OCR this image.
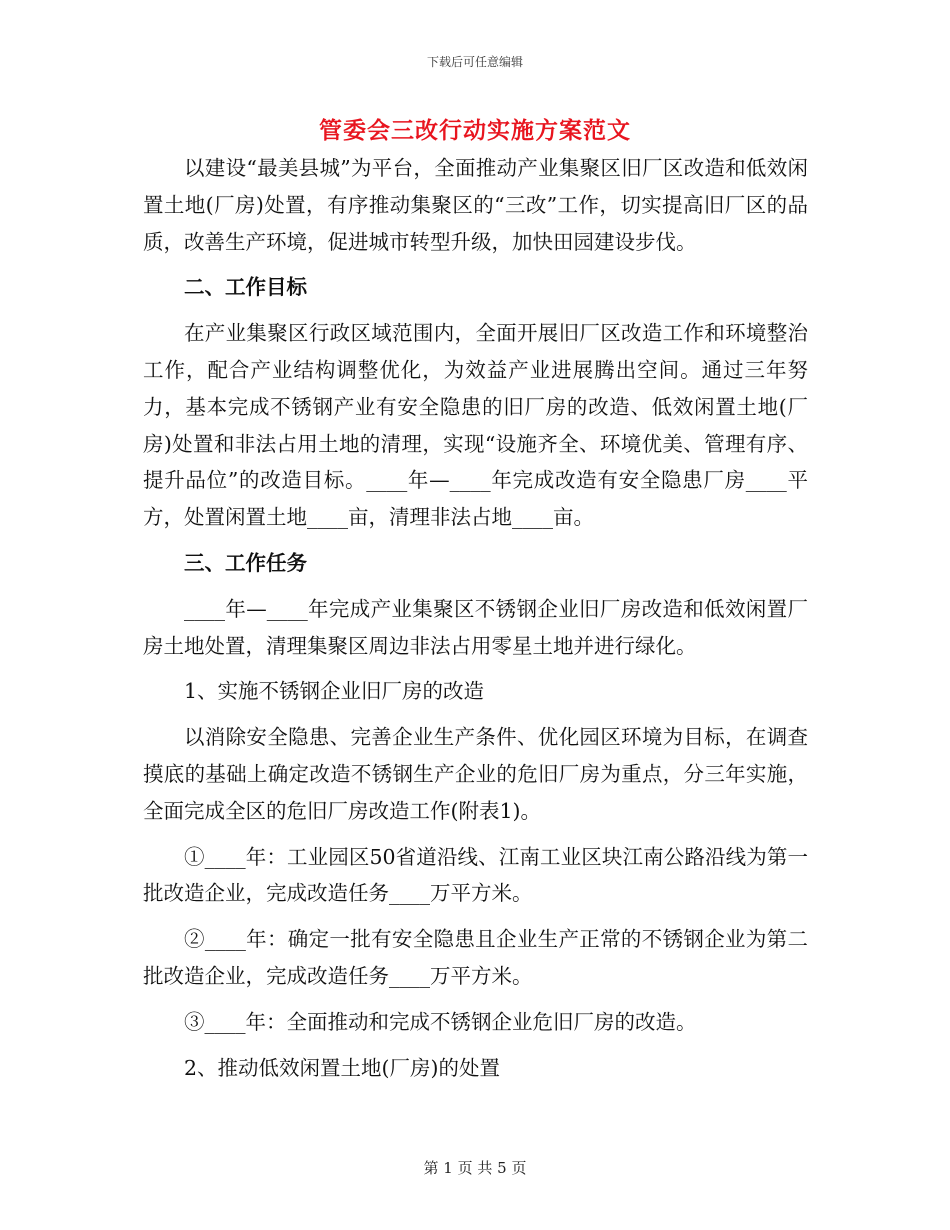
下载后可任意编辑
管委会三改行动实施方案范文

以建设“最美县城”为平台，全面推动产业集聚区旧厂区改造和低效闲置土地(厂房)处置，有序推动集聚区的“三改”工作，切实提高旧厂区的品质，改善生产环境，促进城市转型升级，加快田园建设步伐。

二、工作目标

在产业集聚区行政区域范围内，全面开展旧厂区改造工作和环境整治工作，配合产业结构调整优化，为效益产业进展腾出空间。通过三年努力，基本完成不锈钢产业有安全隐患的旧厂房的改造、低效闲置土地(厂房)处置和非法占用土地的清理，实现“设施齐全、环境优美、管理有序、提升品位”的改造目标。____年—____年完成改造有安全隐患厂房____平方，处置闲置土地____亩，清理非法占地____亩。

三、工作任务

____年—____年完成产业集聚区不锈钢企业旧厂房改造和低效闲置厂房土地处置，清理集聚区周边非法占用零星土地并进行绿化。

1、实施不锈钢企业旧厂房的改造

以消除安全隐患、完善企业生产条件、优化园区环境为目标，在调查摸底的基础上确定改造不锈钢生产企业的危旧厂房为重点，分三年实施，全面完成全区的危旧厂房改造工作(附表1)。

①____年：工业园区50省道沿线、江南工业区块江南公路沿线为第一批改造企业，完成改造任务____万平方米。

②____年：确定一批有安全隐患且企业生产正常的不锈钢企业为第二批改造企业，完成改造任务____万平方米。

③____年：全面推动和完成不锈钢企业危旧厂房的改造。

2、推动低效闲置土地(厂房)的处置

第 1 页 共 5 页
